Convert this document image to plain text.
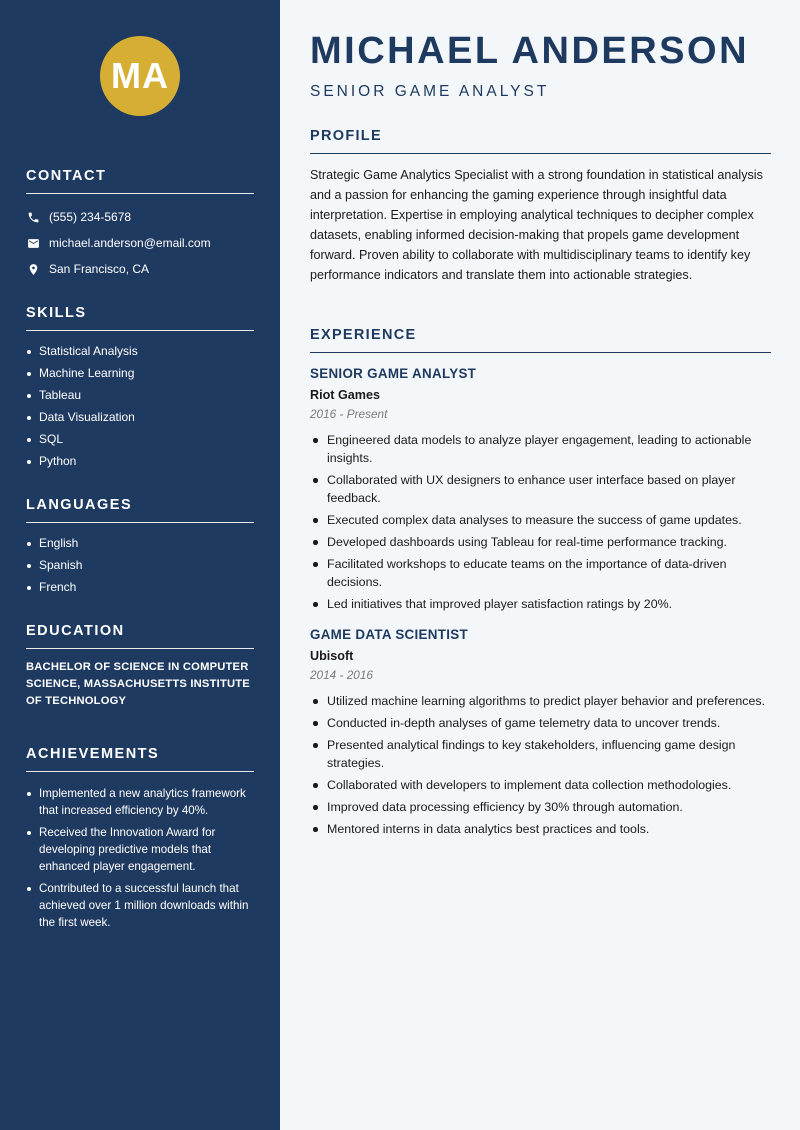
MA
CONTACT
(555) 234-5678
michael.anderson@email.com
San Francisco, CA
SKILLS
Statistical Analysis
Machine Learning
Tableau
Data Visualization
SQL
Python
LANGUAGES
English
Spanish
French
EDUCATION

BACHELOR OF SCIENCE IN COMPUTER SCIENCE, MASSACHUSETTS INSTITUTE OF TECHNOLOGY

ACHIEVEMENTS
Implemented a new analytics framework that increased efficiency by 40%.
Received the Innovation Award for developing predictive models that enhanced player engagement.
Contributed to a successful launch that achieved over 1 million downloads within the first week.
MICHAEL ANDERSON
SENIOR GAME ANALYST
PROFILE

Strategic Game Analytics Specialist with a strong foundation in statistical analysis and a passion for enhancing the gaming experience through insightful data interpretation. Expertise in employing analytical techniques to decipher complex datasets, enabling informed decision-making that propels game development forward. Proven ability to collaborate with multidisciplinary teams to identify key performance indicators and translate them into actionable strategies.

EXPERIENCE
SENIOR GAME ANALYST
Riot Games
2016 - Present
Engineered data models to analyze player engagement, leading to actionable insights.
Collaborated with UX designers to enhance user interface based on player feedback.
Executed complex data analyses to measure the success of game updates.
Developed dashboards using Tableau for real-time performance tracking.
Facilitated workshops to educate teams on the importance of data-driven decisions.
Led initiatives that improved player satisfaction ratings by 20%.
GAME DATA SCIENTIST
Ubisoft
2014 - 2016
Utilized machine learning algorithms to predict player behavior and preferences.
Conducted in-depth analyses of game telemetry data to uncover trends.
Presented analytical findings to key stakeholders, influencing game design strategies.
Collaborated with developers to implement data collection methodologies.
Improved data processing efficiency by 30% through automation.
Mentored interns in data analytics best practices and tools.
